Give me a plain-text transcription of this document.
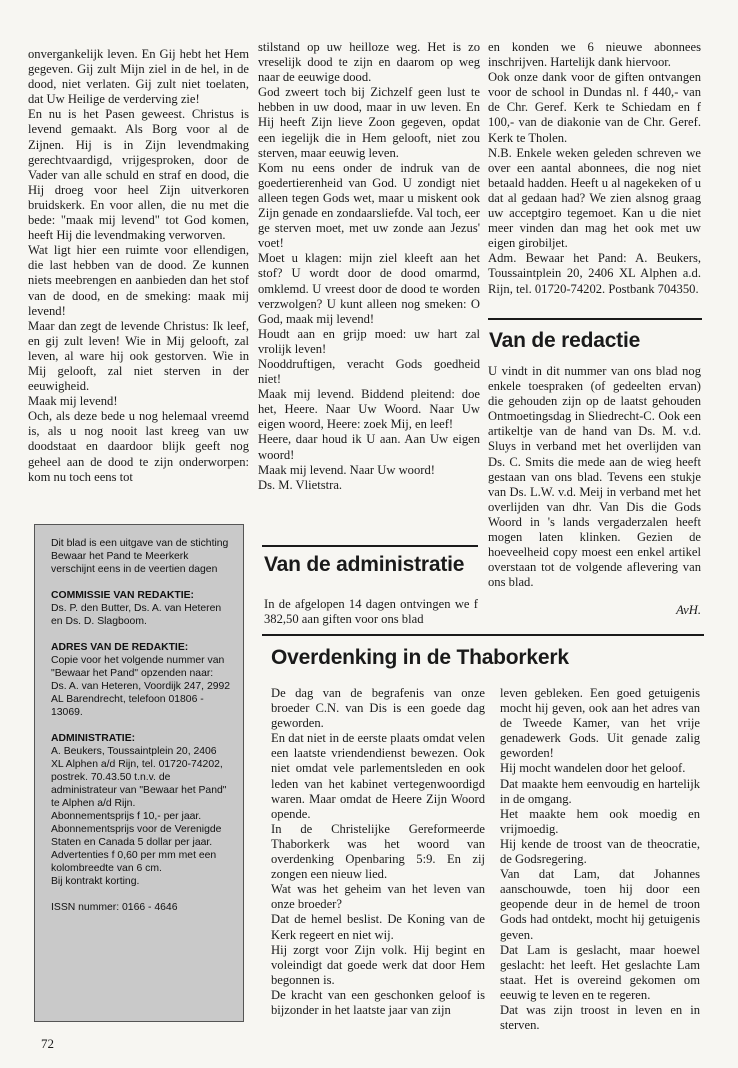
onvergankelijk leven. En Gij hebt het Hem gegeven. Gij zult Mijn ziel in de hel, in de dood, niet verlaten. Gij zult niet toelaten, dat Uw Heilige de verderving zie!

En nu is het Pasen geweest. Christus is levend gemaakt. Als Borg voor al de Zijnen. Hij is in Zijn levendmaking gerechtvaardigd, vrijgesproken, door de Vader van alle schuld en straf en dood, die Hij droeg voor heel Zijn uitverkoren bruidskerk. En voor allen, die nu met die bede: "maak mij levend" tot God komen, heeft Hij die levendmaking verworven.

Wat ligt hier een ruimte voor ellendigen, die last hebben van de dood. Ze kunnen niets meebrengen en aanbieden dan het stof van de dood, en de smeking: maak mij levend!

Maar dan zegt de levende Christus: Ik leef, en gij zult leven! Wie in Mij gelooft, zal leven, al ware hij ook gestorven. Wie in Mij gelooft, zal niet sterven in der eeuwigheid.

Maak mij levend!

Och, als deze bede u nog helemaal vreemd is, als u nog nooit last kreeg van uw doodstaat en daardoor blijk geeft nog geheel aan de dood te zijn onderworpen: kom nu toch eens tot

Dit blad is een uitgave van de stichting Bewaar het Pand te Meerkerk

verschijnt eens in de veertien dagen

COMMISSIE VAN REDAKTIE:

Ds. P. den Butter, Ds. A. van Heteren en Ds. D. Slagboom.

ADRES VAN DE REDAKTIE:

Copie voor het volgende nummer van "Bewaar het Pand" opzenden naar: Ds. A. van Heteren, Voordijk 247, 2992 AL Barendrecht, telefoon 01806 - 13069.

ADMINISTRATIE:

A. Beukers, Toussaintplein 20, 2406 XL Alphen a/d Rijn, tel. 01720-74202, postrek. 70.43.50 t.n.v. de administrateur van "Bewaar het Pand" te Alphen a/d Rijn.

Abonnementsprijs f 10,- per jaar.

Abonnementsprijs voor de Verenigde Staten en Canada 5 dollar per jaar.

Advertenties f 0,60 per mm met een kolombreedte van 6 cm.

Bij kontrakt korting.

ISSN nummer: 0166 - 4646

stilstand op uw heilloze weg. Het is zo vreselijk dood te zijn en daarom op weg naar de eeuwige dood.

God zweert toch bij Zichzelf geen lust te hebben in uw dood, maar in uw leven. En Hij heeft Zijn lieve Zoon gegeven, opdat een iegelijk die in Hem gelooft, niet zou sterven, maar eeuwig leven.

Kom nu eens onder de indruk van de goedertierenheid van God. U zondigt niet alleen tegen Gods wet, maar u miskent ook Zijn genade en zondaarsliefde. Val toch, eer ge sterven moet, met uw zonde aan Jezus' voet!

Moet u klagen: mijn ziel kleeft aan het stof? U wordt door de dood omarmd, omklemd. U vreest door de dood te worden verzwolgen? U kunt alleen nog smeken: O God, maak mij levend!

Houdt aan en grijp moed: uw hart zal vrolijk leven!

Nooddruftigen, veracht Gods goedheid niet!

Maak mij levend. Biddend pleitend: doe het, Heere. Naar Uw Woord. Naar Uw eigen woord, Heere: zoek Mij, en leef!

Heere, daar houd ik U aan. Aan Uw eigen woord!

Maak mij levend. Naar Uw woord!

Ds. M. Vlietstra.

Van de administratie

In de afgelopen 14 dagen ontvingen we f 382,50 aan giften voor ons blad

en konden we 6 nieuwe abonnees inschrijven. Hartelijk dank hiervoor.

Ook onze dank voor de giften ontvangen voor de school in Dundas nl. f 440,- van de Chr. Geref. Kerk te Schiedam en f 100,- van de diakonie van de Chr. Geref. Kerk te Tholen.

N.B. Enkele weken geleden schreven we over een aantal abonnees, die nog niet betaald hadden. Heeft u al nagekeken of u dat al gedaan had? We zien alsnog graag uw acceptgiro tegemoet. Kan u die niet meer vinden dan mag het ook met uw eigen girobiljet.

Adm. Bewaar het Pand: A. Beukers, Toussaintplein 20, 2406 XL Alphen a.d. Rijn, tel. 01720-74202. Postbank 704350.

Van de redactie

U vindt in dit nummer van ons blad nog enkele toespraken (of gedeelten ervan) die gehouden zijn op de laatst gehouden Ontmoetingsdag in Sliedrecht-C. Ook een artikeltje van de hand van Ds. M. v.d. Sluys in verband met het overlijden van Ds. C. Smits die mede aan de wieg heeft gestaan van ons blad. Tevens een stukje van Ds. L.W. v.d. Meij in verband met het overlijden van dhr. Van Dis die Gods Woord in 's lands vergaderzalen heeft mogen laten klinken. Gezien de hoeveelheid copy moest een enkel artikel overstaan tot de volgende aflevering van ons blad.

AvH.
Overdenking in de Thaborkerk

De dag van de begrafenis van onze broeder C.N. van Dis is een goede dag geworden.

En dat niet in de eerste plaats omdat velen een laatste vriendendienst bewezen. Ook niet omdat vele parlementsleden en ook leden van het kabinet vertegenwoordigd waren. Maar omdat de Heere Zijn Woord opende.

In de Christelijke Gereformeerde Thaborkerk was het woord van overdenking Openbaring 5:9. En zij zongen een nieuw lied.

Wat was het geheim van het leven van onze broeder?

Dat de hemel beslist. De Koning van de Kerk regeert en niet wij.

Hij zorgt voor Zijn volk. Hij begint en voleindigt dat goede werk dat door Hem begonnen is.

De kracht van een geschonken geloof is bijzonder in het laatste jaar van zijn

leven gebleken. Een goed getuigenis mocht hij geven, ook aan het adres van de Tweede Kamer, van het vrije genadewerk Gods. Uit genade zalig geworden!

Hij mocht wandelen door het geloof.

Dat maakte hem eenvoudig en hartelijk in de omgang.

Het maakte hem ook moedig en vrijmoedig.

Hij kende de troost van de theocratie, de Godsregering.

Van dat Lam, dat Johannes aanschouwde, toen hij door een geopende deur in de hemel de troon Gods had ontdekt, mocht hij getuigenis geven.

Dat Lam is geslacht, maar hoewel geslacht: het leeft. Het geslachte Lam staat. Het is overeind gekomen om eeuwig te leven en te regeren.

Dat was zijn troost in leven en in sterven.

72
